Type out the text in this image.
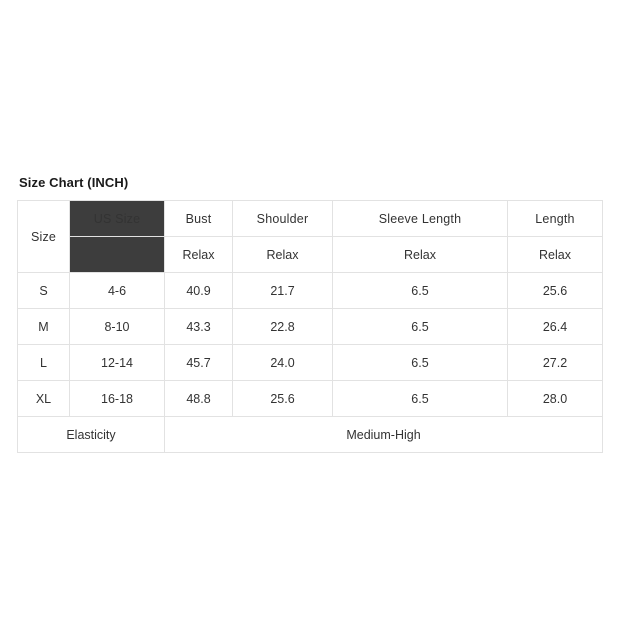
Size Chart (INCH)
Size	US Size	Bust	Shoulder	Sleeve Length	Length
		Relax	Relax	Relax	Relax
S	4-6	40.9	21.7	6.5	25.6
M	8-10	43.3	22.8	6.5	26.4
L	12-14	45.7	24.0	6.5	27.2
XL	16-18	48.8	25.6	6.5	28.0
Elasticity		Medium-High			
